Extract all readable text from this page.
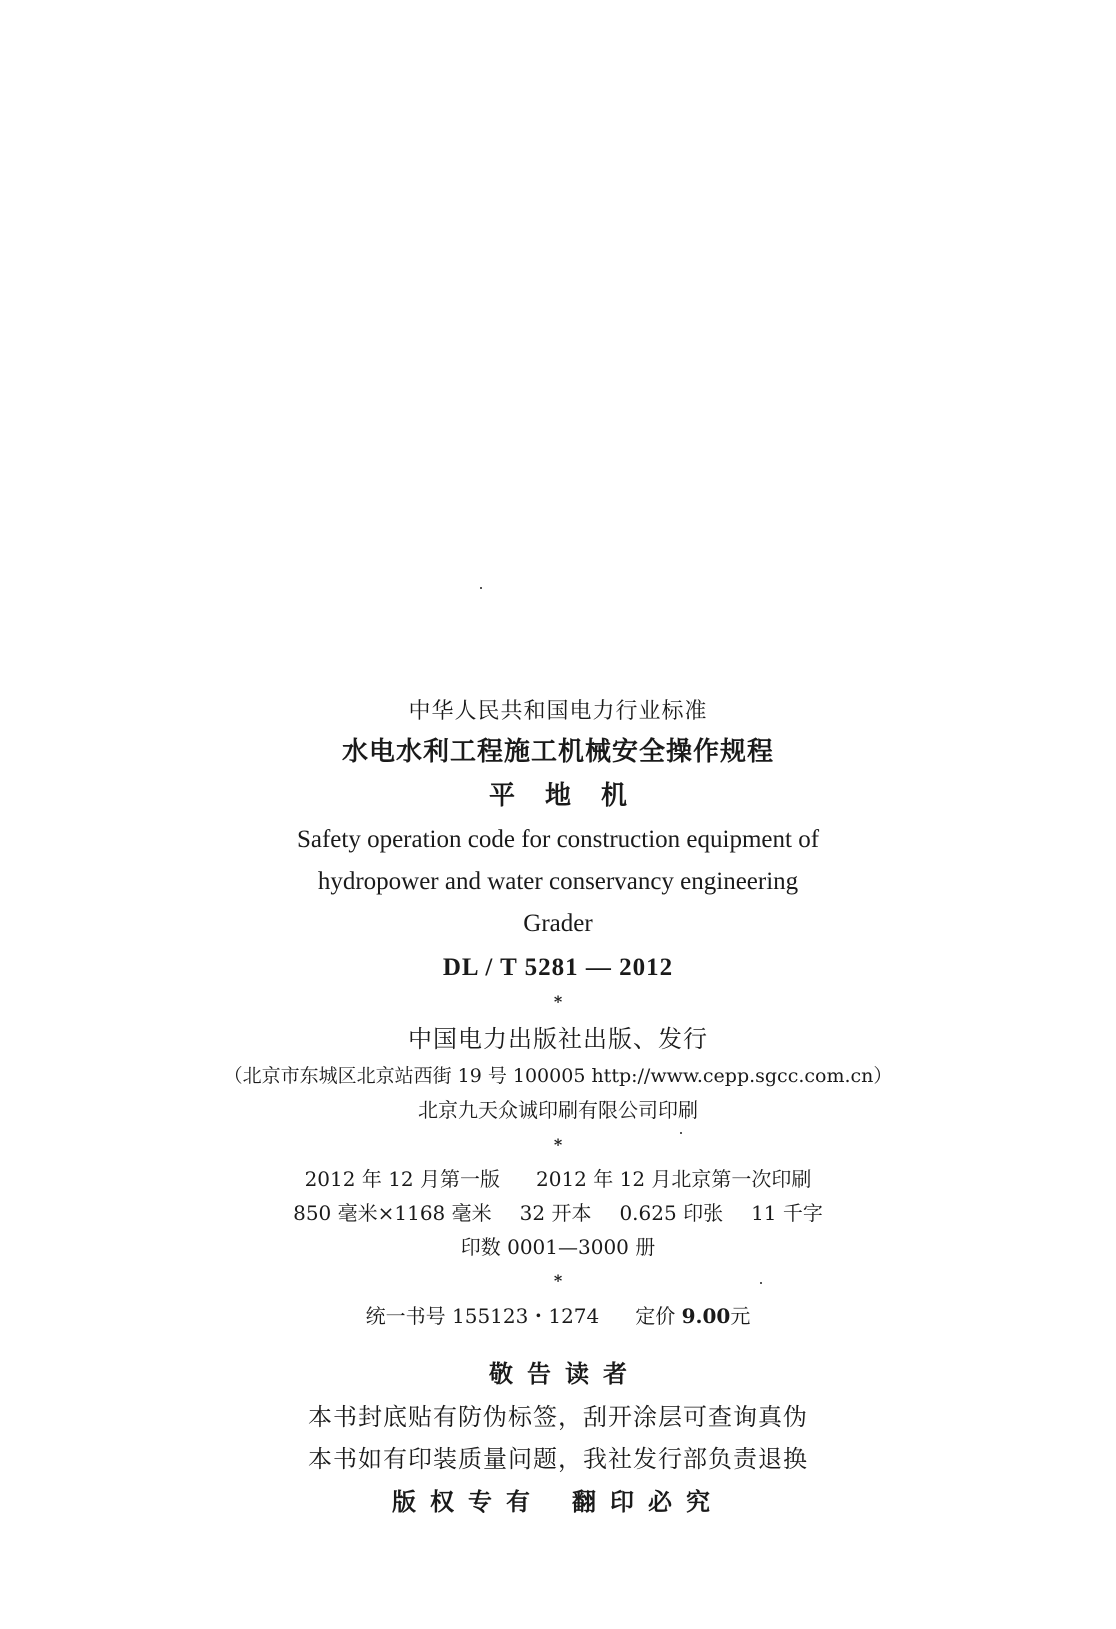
中华人民共和国电力行业标准
水电水利工程施工机械安全操作规程
平地机
Safety operation code for construction equipment of
hydropower and water conservancy engineering
Grader
DL / T 5281 — 2012
*
中国电力出版社出版、发行
（北京市东城区北京站西街 19 号 100005 http://www.cepp.sgcc.com.cn）
北京九天众诚印刷有限公司印刷
*
2012 年 12 月第一版 2012 年 12 月北京第一次印刷
850 毫米×1168 毫米 32 开本 0.625 印张 11 千字
印数 0001—3000 册
*
统一书号 155123・1274 定价 9.00元
敬告读者
本书封底贴有防伪标签，刮开涂层可查询真伪
本书如有印装质量问题，我社发行部负责退换
版权专有 翻印必究
